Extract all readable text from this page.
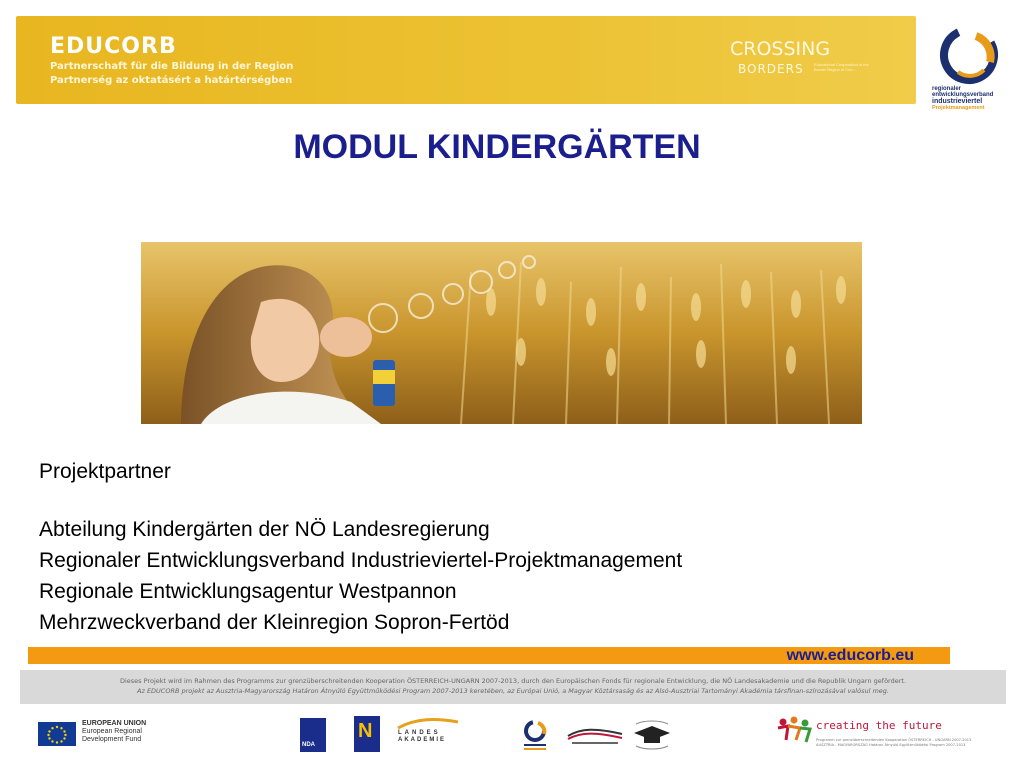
EDUCORB
Partnerschaft für die Bildung in der Region
Partnerség az oktatásért a határtérségben
CROSSING
BORDERS	Educational Cooperation in the Border Region of Cen...
regionaler
entwicklungsverband
industrieviertel
Projektmanagement
MODUL KINDERGÄRTEN
Projektpartner
Abteilung Kindergärten der NÖ Landesregierung
Regionaler Entwicklungsverband Industrieviertel-Projektmanagement
Regionale Entwicklungsagentur Westpannon
Mehrzweckverband der Kleinregion Sopron-Fertöd
www.educorb.eu
Dieses Projekt wird im Rahmen des Programms zur grenzüberschreitenden Kooperation ÖSTERREICH-UNGARN 2007-2013, durch den Europäischen Fonds für regionale Entwicklung, die NÖ Landesakademie und die Republik Ungarn gefördert.
Az EDUCORB projekt az Ausztria-Magyarország Határon Átnyúló Együttműködési Program 2007-2013 keretében, az Európai Unió, a Magyar Köztársaság és az Alsó-Ausztriai Tartományi Akadémia társfinan-szírozásával valósul meg.
EUROPEAN UNION
European Regional
Development Fund
NDA
N	LANDES
AKADEMIE
creating the future
Programm zur grenzüberschreitenden Kooperation ÖSTERREICH - UNGARN 2007-2013
AUSZTRIA - MAGYARORSZÁG Határon Átnyúló Együttműködési Program 2007-2013
